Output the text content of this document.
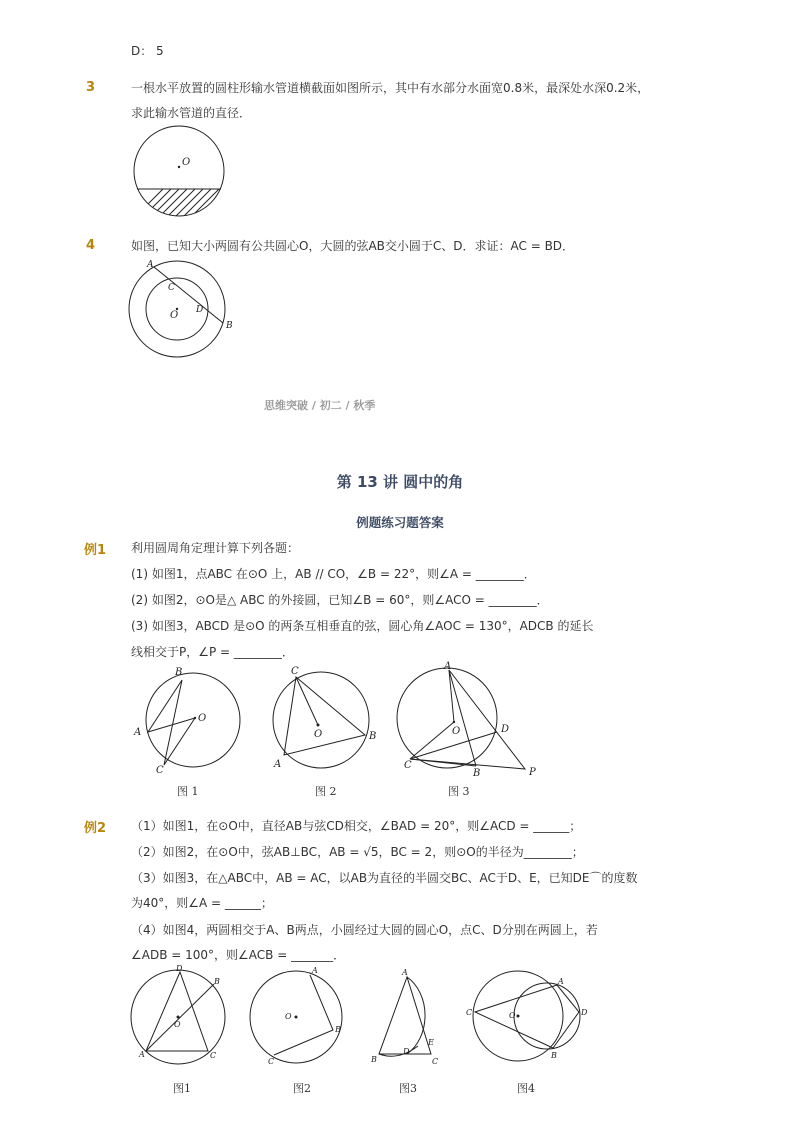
D： 5
3	一根水平放置的圆柱形输水管道横截面如图所示，其中有水部分水面宽0.8米，最深处水深0.2米，
求此输水管道的直径．
O
4	如图，已知大小两圆有公共圆心O，大圆的弦AB交小圆于C、D．求证：AC = BD．
A
B
C
D
O
思维突破 / 初二 / 秋季
第 13 讲 圆中的角
例题练习题答案
例1 利用圆周角定理计算下列各题：
(1) 如图1，点ABC 在⊙O 上，AB // CO，∠B = 22°，则∠A = ________．
(2) 如图2，⊙O是△ ABC 的外接圆，已知∠B = 60°，则∠ACO = ________．
(3) 如图3，ABCD 是⊙O 的两条互相垂直的弦，圆心角∠AOC = 130°，ADCB 的延长
线相交于P，∠P = ________．
B
A
O
C
C
B
O
A
A
D
O
C
B	P
图 1	图 2	图 3
例2 （1）如图1，在⊙O中，直径AB与弦CD相交，∠BAD = 20°，则∠ACD = ______；
（2）如图2，在⊙O中，弦AB⊥BC，AB = √5，BC = 2，则⊙O的半径为________；
（3）如图3，在△ABC中，AB = AC，以AB为直径的半圆交BC、AC于D、E，已知DE⌒的度数
为40°，则∠A = ______；
（4）如图4，两圆相交于A、B两点，小圆经过大圆的圆心O，点C、D分别在两圆上，若
∠ADB = 100°，则∠ACB = _______．
D
B
O
A	C
A
B
O
C
A
E
D
B	C
A
C	O	D
B
图1	图2	图3	图4
